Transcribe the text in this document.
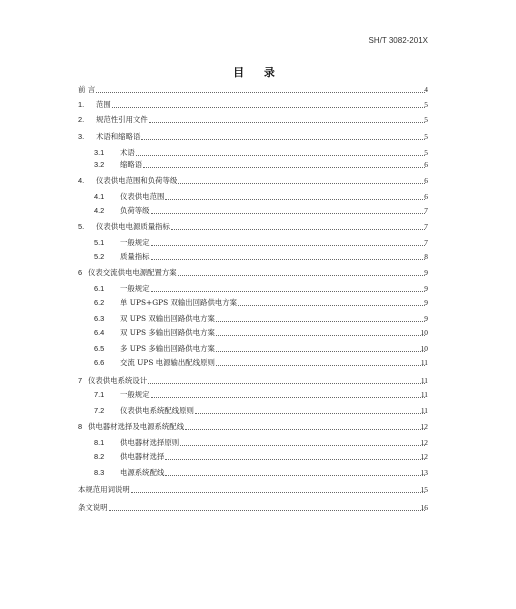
SH/T 3082-201X
目 录
前 言	4
1. 范围	5
2. 规范性引用文件	5
3. 术语和缩略语	5
3.1 术语	5
3.2 缩略语	6
4. 仪表供电范围和负荷等级	6
4.1 仪表供电范围	6
4.2 负荷等级	7
5. 仪表供电电源质量指标	7
5.1 一般规定	7
5.2 质量指标	8
6 仪表交流供电电源配置方案	9
6.1 一般规定	9
6.2 单 UPS+GPS 双输出回路供电方案	9
6.3 双 UPS 双输出回路供电方案	9
6.4 双 UPS 多输出回路供电方案	10
6.5 多 UPS 多输出回路供电方案	10
6.6 交流 UPS 电源输出配线原则	11
7 仪表供电系统设计	11
7.1 一般规定	11
7.2 仪表供电系统配线原则	11
8 供电器材选择及电源系统配线	12
8.1 供电器材选择原则	12
8.2 供电器材选择	12
8.3 电源系统配线	13
本规范用词说明	15
条文说明	16
